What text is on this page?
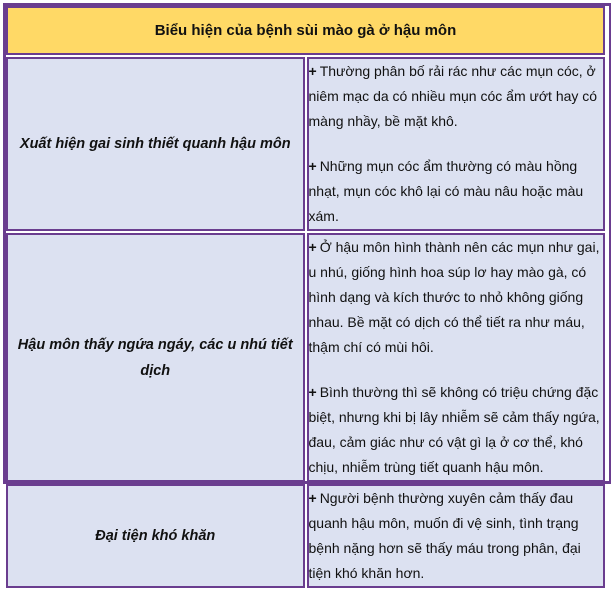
Biểu hiện của bệnh sùi mào gà ở hậu môn	
Xuất hiện gai sinh thiết quanh hậu môn	+ Thường phân bố rải rác như các mụn cóc, ở niêm mạc da có nhiều mụn cóc ẩm ướt hay có màng nhầy, bề mặt khô.

+ Những mụn cóc ẩm thường có màu hồng nhạt, mụn cóc khô lại có màu nâu hoặc màu xám.

Hậu môn thấy ngứa ngáy, các u nhú tiết dịch	+ Ở hậu môn hình thành nên các mụn như gai, u nhú, giống hình hoa súp lơ hay mào gà, có hình dạng và kích thước to nhỏ không giống nhau. Bề mặt có dịch có thể tiết ra như máu, thậm chí có mùi hôi.

+ Bình thường thì sẽ không có triệu chứng đặc biệt, nhưng khi bị lây nhiễm sẽ cảm thấy ngứa, đau, cảm giác như có vật gì lạ ở cơ thể, khó chịu, nhiễm trùng tiết quanh hậu môn.

Đại tiện khó khăn	+ Người bệnh thường xuyên cảm thấy đau quanh hậu môn, muốn đi vệ sinh, tình trạng bệnh nặng hơn sẽ thấy máu trong phân, đại tiện khó khăn hơn.
